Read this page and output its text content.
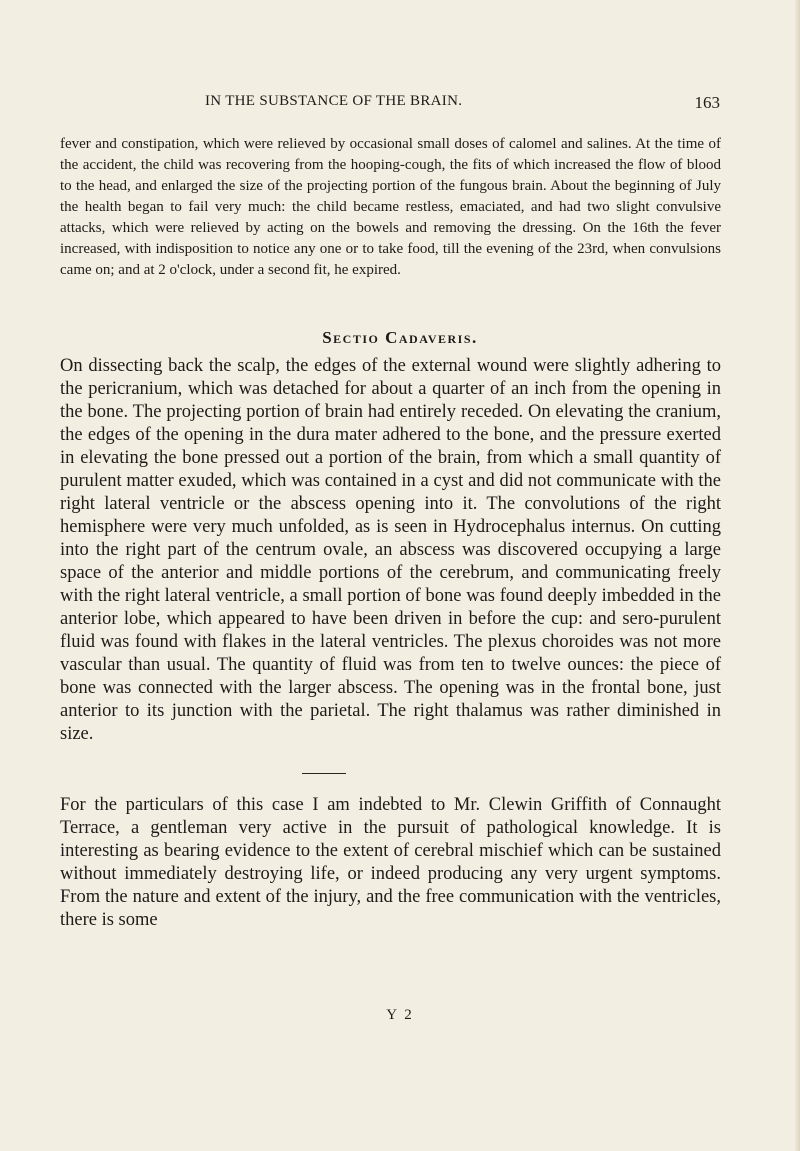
IN THE SUBSTANCE OF THE BRAIN.	163

fever and constipation, which were relieved by occasional small doses of calomel and salines. At the time of the accident, the child was recovering from the hooping-cough, the fits of which increased the flow of blood to the head, and enlarged the size of the projecting portion of the fungous brain. About the beginning of July the health began to fail very much: the child became restless, emaciated, and had two slight convulsive attacks, which were relieved by acting on the bowels and removing the dressing. On the 16th the fever increased, with indisposition to notice any one or to take food, till the evening of the 23rd, when convulsions came on; and at 2 o'clock, under a second fit, he expired.

Sectio Cadaveris.

On dissecting back the scalp, the edges of the external wound were slightly adhering to the pericranium, which was detached for about a quarter of an inch from the opening in the bone. The projecting portion of brain had entirely receded. On elevating the cranium, the edges of the opening in the dura mater adhered to the bone, and the pressure exerted in elevating the bone pressed out a portion of the brain, from which a small quantity of purulent matter exuded, which was contained in a cyst and did not communicate with the right lateral ventricle or the abscess opening into it. The convolutions of the right hemisphere were very much unfolded, as is seen in Hydrocephalus internus. On cutting into the right part of the centrum ovale, an abscess was discovered occupying a large space of the anterior and middle portions of the cerebrum, and communicating freely with the right lateral ventricle, a small portion of bone was found deeply imbedded in the anterior lobe, which appeared to have been driven in before the cup: and sero-purulent fluid was found with flakes in the lateral ventricles. The plexus choroides was not more vascular than usual. The quantity of fluid was from ten to twelve ounces: the piece of bone was connected with the larger abscess. The opening was in the frontal bone, just anterior to its junction with the parietal. The right thalamus was rather diminished in size.

For the particulars of this case I am indebted to Mr. Clewin Griffith of Connaught Terrace, a gentleman very active in the pursuit of pathological knowledge. It is interesting as bearing evidence to the extent of cerebral mischief which can be sustained without immediately destroying life, or indeed producing any very urgent symptoms. From the nature and extent of the injury, and the free communication with the ventricles, there is some

Y 2
